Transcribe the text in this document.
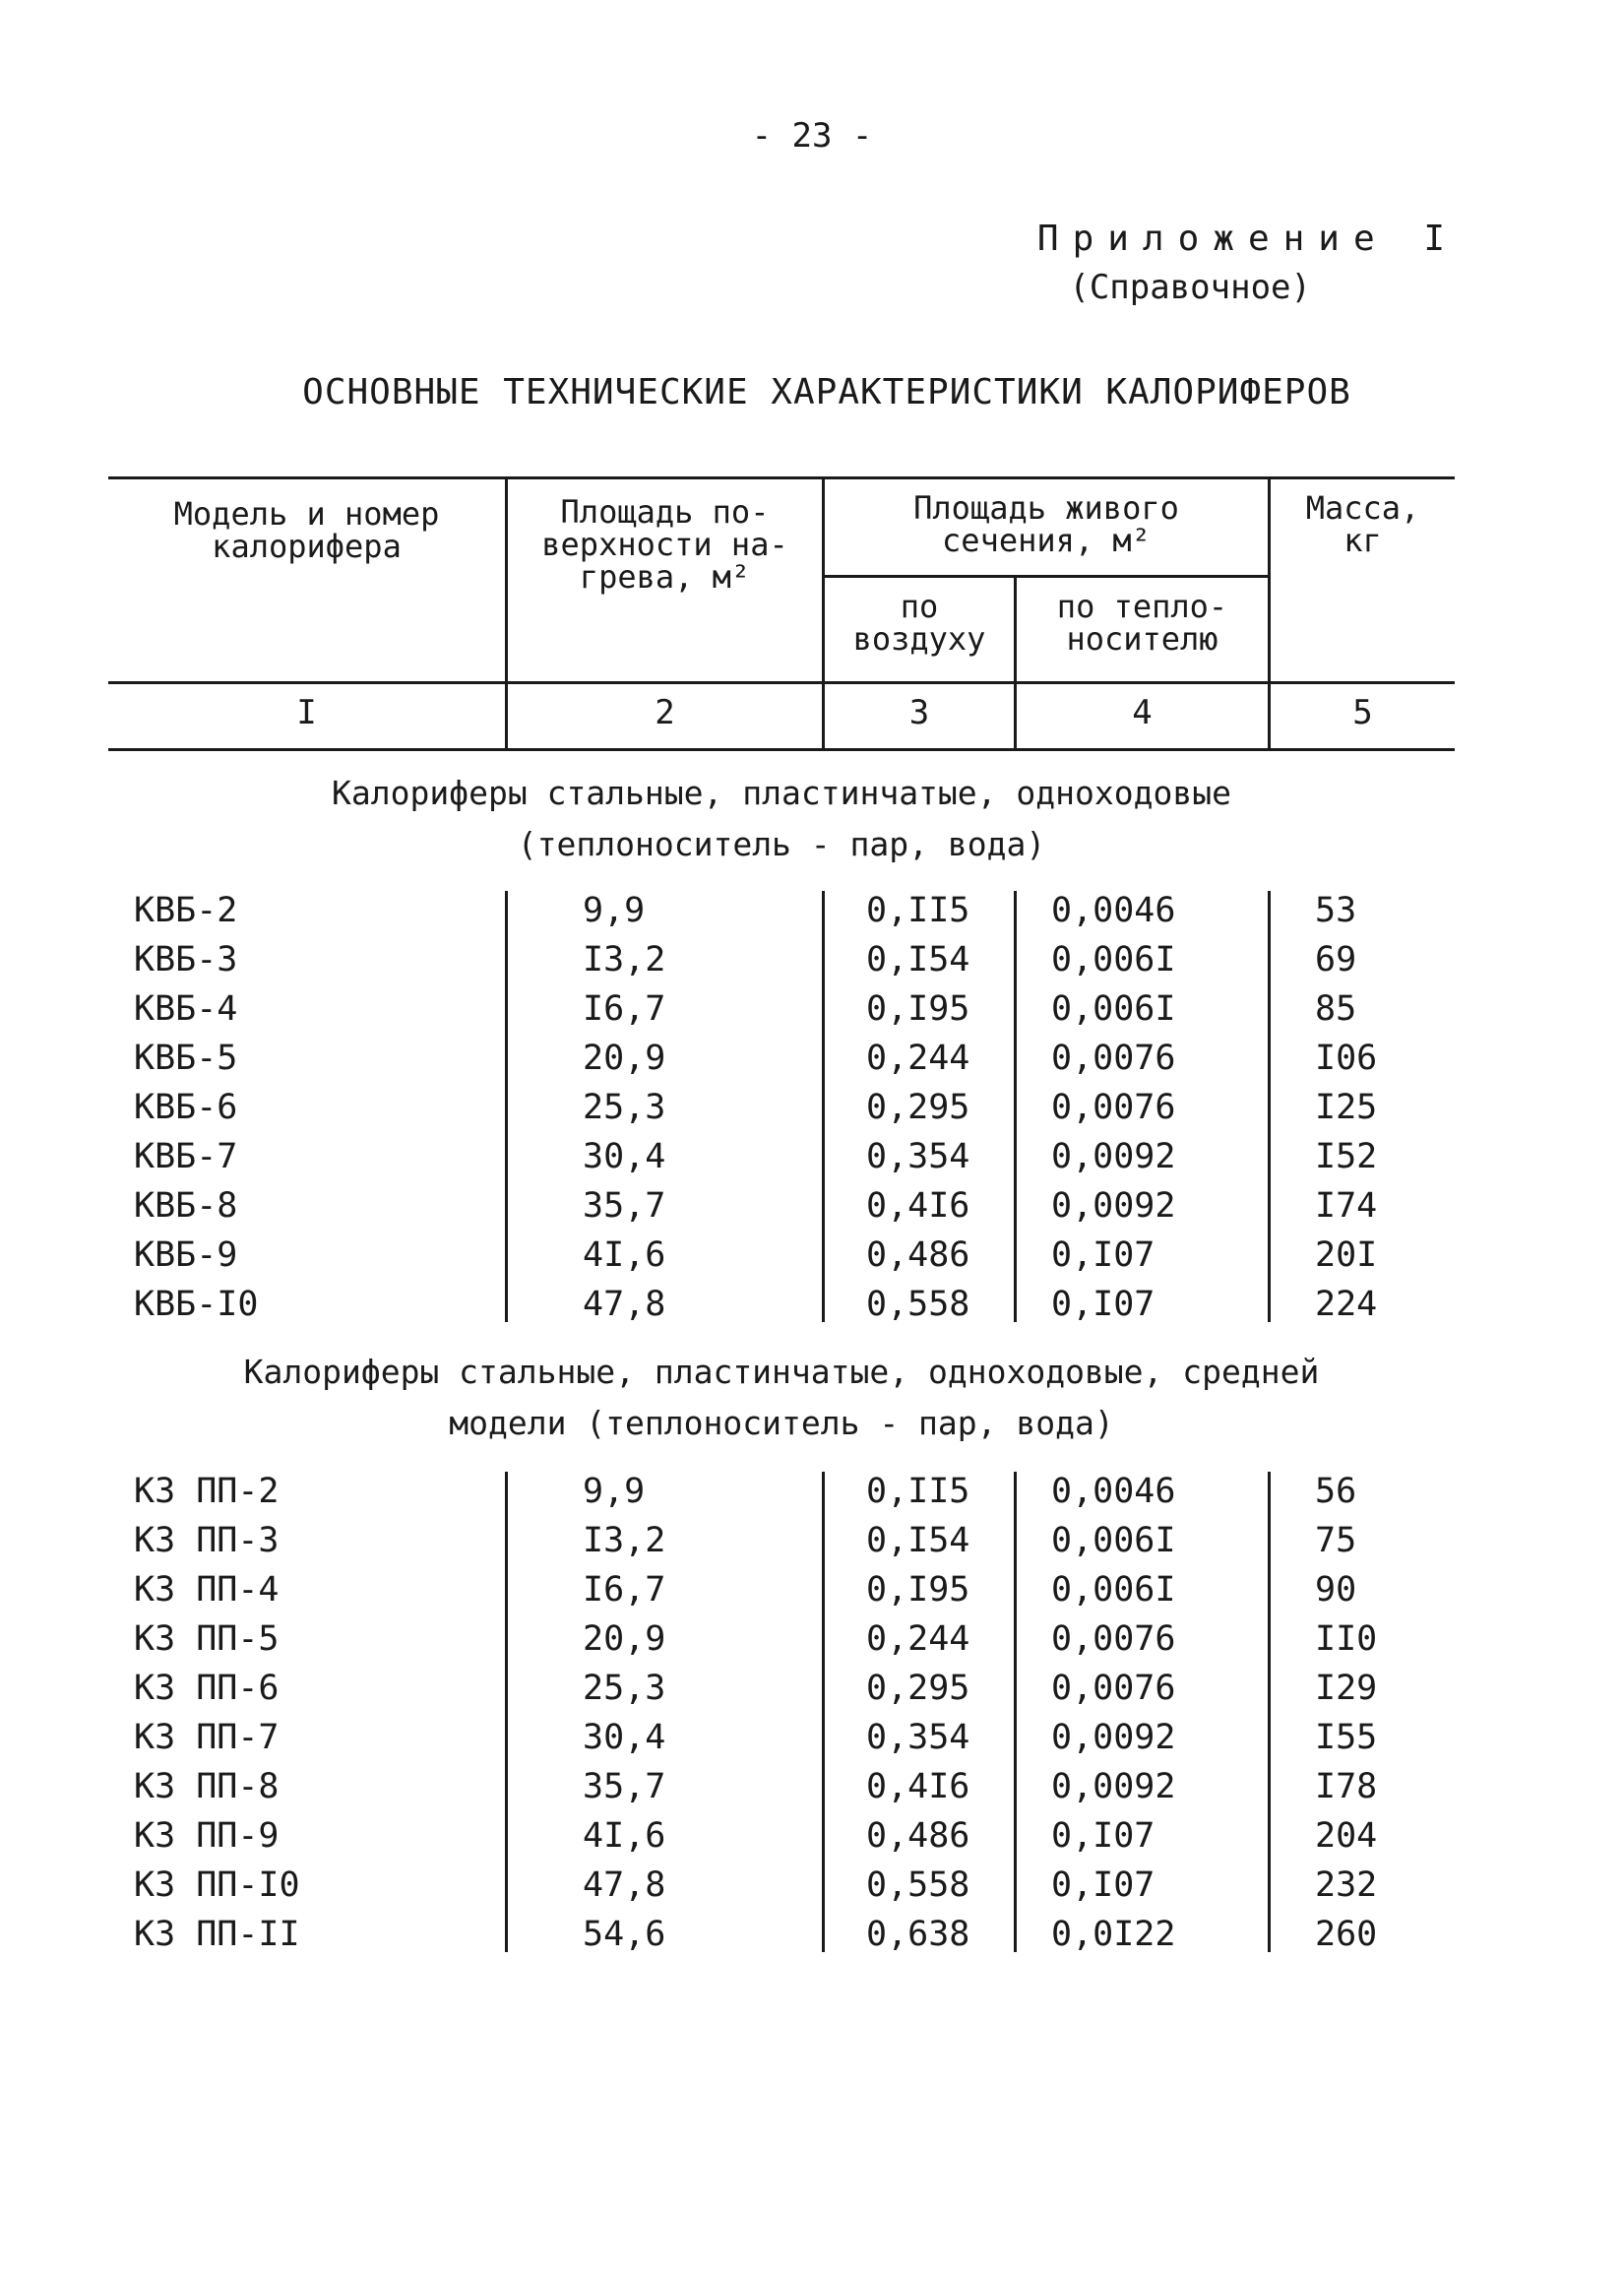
- 23 -
Приложение I
(Справочное)
ОСНОВНЫЕ ТЕХНИЧЕСКИЕ ХАРАКТЕРИСТИКИ КАЛОРИФЕРОВ
Модель и номер
калорифера
Площадь по-
верхности на-
грева, м²
Площадь живого
сечения, м²
по
воздуху
по тепло-
носителю
Масса,
кг
I	2	3	4	5
Калориферы стальные, пластинчатые, одноходовые
(теплоноситель - пар, вода)
КВБ-2	9,9	0,II5 0,0046	53
КВБ-3	I3,2	0,I54 0,006I	69
КВБ-4	I6,7	0,I95 0,006I	85
КВБ-5	20,9	0,244 0,0076	I06
КВБ-6	25,3	0,295 0,0076	I25
КВБ-7	30,4	0,354 0,0092	I52
КВБ-8	35,7	0,4I6 0,0092	I74
КВБ-9	4I,6	0,486 0,I07	20I
КВБ-I0	47,8	0,558 0,I07	224
Калориферы стальные, пластинчатые, одноходовые, средней
модели (теплоноситель - пар, вода)
КЗ ПП-2	9,9	0,II5 0,0046	56
КЗ ПП-3	I3,2	0,I54 0,006I	75
КЗ ПП-4	I6,7	0,I95 0,006I	90
КЗ ПП-5	20,9	0,244 0,0076	II0
КЗ ПП-6	25,3	0,295 0,0076	I29
КЗ ПП-7	30,4	0,354 0,0092	I55
КЗ ПП-8	35,7	0,4I6 0,0092	I78
КЗ ПП-9	4I,6	0,486 0,I07	204
КЗ ПП-I0	47,8	0,558 0,I07	232
КЗ ПП-II	54,6	0,638 0,0I22	260
